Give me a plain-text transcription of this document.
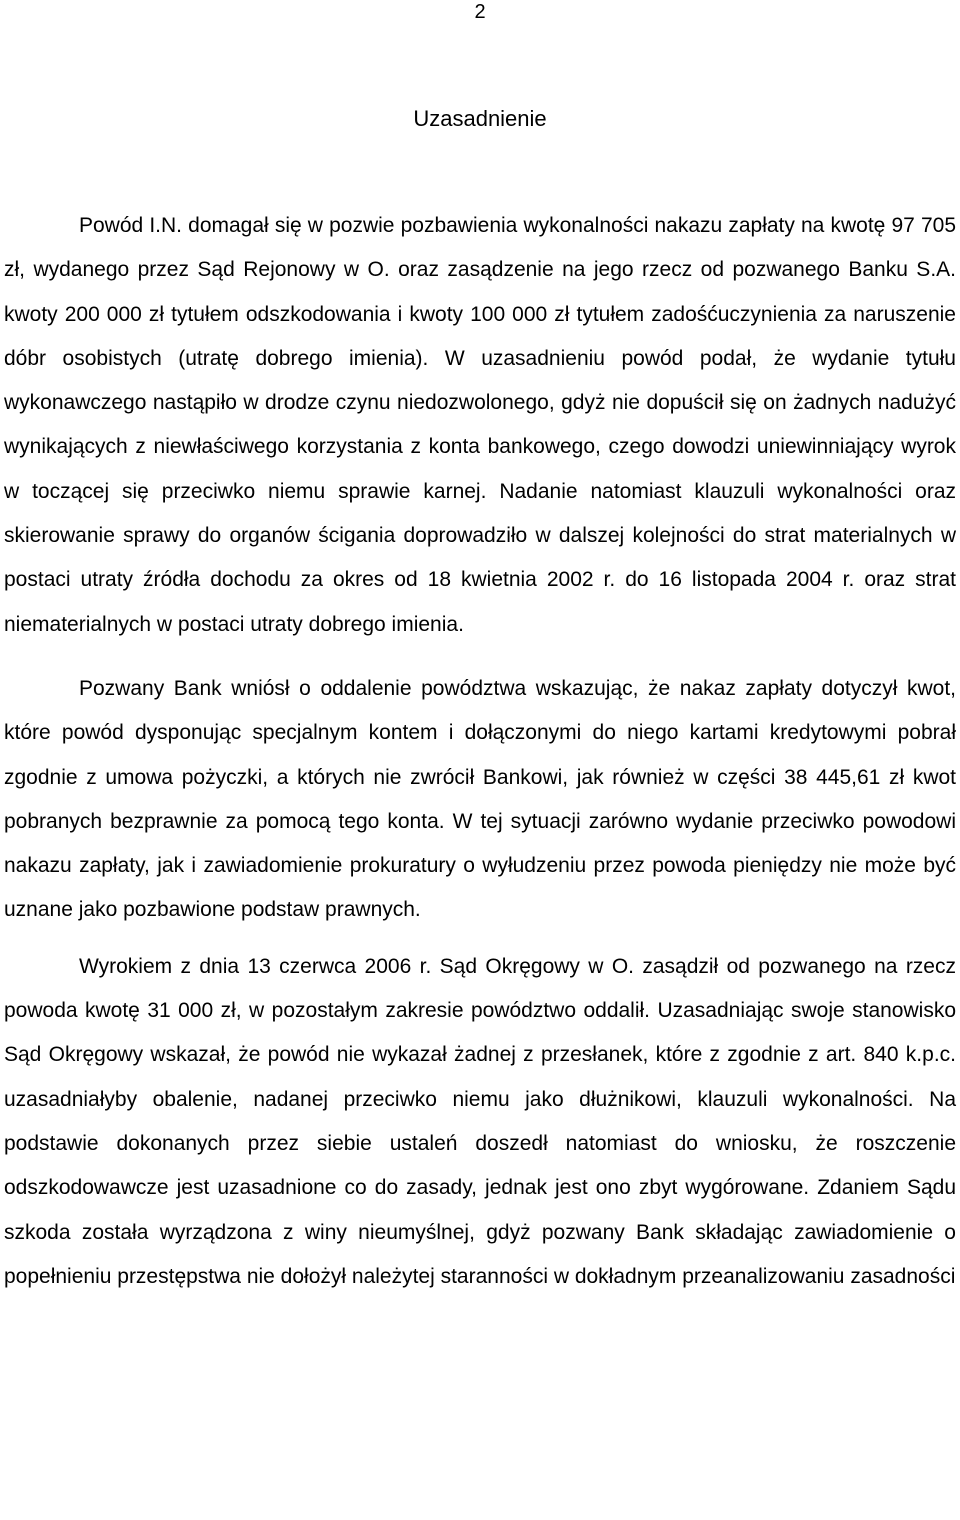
2
Uzasadnienie

Powód I.N. domagał się w pozwie pozbawienia wykonalności nakazu zapłaty na kwotę 97 705 zł, wydanego przez Sąd Rejonowy w O. oraz zasądzenie na jego rzecz od pozwanego Banku S.A. kwoty 200 000 zł tytułem odszkodowania i kwoty 100 000 zł tytułem zadośćuczynienia za naruszenie dóbr osobistych (utratę dobrego imienia). W uzasadnieniu powód podał, że wydanie tytułu wykonawczego nastąpiło w drodze czynu niedozwolonego, gdyż nie dopuścił się on żadnych nadużyć wynikających z niewłaściwego korzystania z konta bankowego, czego dowodzi uniewinniający wyrok w toczącej się przeciwko niemu sprawie karnej. Nadanie natomiast klauzuli wykonalności oraz skierowanie sprawy do organów ścigania doprowadziło w dalszej kolejności do strat materialnych w postaci utraty źródła dochodu za okres od 18 kwietnia 2002 r. do 16 listopada 2004 r. oraz strat niematerialnych w postaci utraty dobrego imienia.

Pozwany Bank wniósł o oddalenie powództwa wskazując, że nakaz zapłaty dotyczył kwot, które powód dysponując specjalnym kontem i dołączonymi do niego kartami kredytowymi pobrał zgodnie z umowa pożyczki, a których nie zwrócił Bankowi, jak również w części 38 445,61 zł kwot pobranych bezprawnie za pomocą tego konta. W tej sytuacji zarówno wydanie przeciwko powodowi nakazu zapłaty, jak i zawiadomienie prokuratury o wyłudzeniu przez powoda pieniędzy nie może być uznane jako pozbawione podstaw prawnych.

Wyrokiem z dnia 13 czerwca 2006 r. Sąd Okręgowy w O. zasądził od pozwanego na rzecz powoda kwotę 31 000 zł, w pozostałym zakresie powództwo oddalił. Uzasadniając swoje stanowisko Sąd Okręgowy wskazał, że powód nie wykazał żadnej z przesłanek, które z zgodnie z art. 840 k.p.c. uzasadniałyby obalenie, nadanej przeciwko niemu jako dłużnikowi, klauzuli wykonalności. Na podstawie dokonanych przez siebie ustaleń doszedł natomiast do wniosku, że roszczenie odszkodowawcze jest uzasadnione co do zasady, jednak jest ono zbyt wygórowane. Zdaniem Sądu szkoda została wyrządzona z winy nieumyślnej, gdyż pozwany Bank składając zawiadomienie o popełnieniu przestępstwa nie dołożył należytej staranności w dokładnym przeanalizowaniu zasadności
